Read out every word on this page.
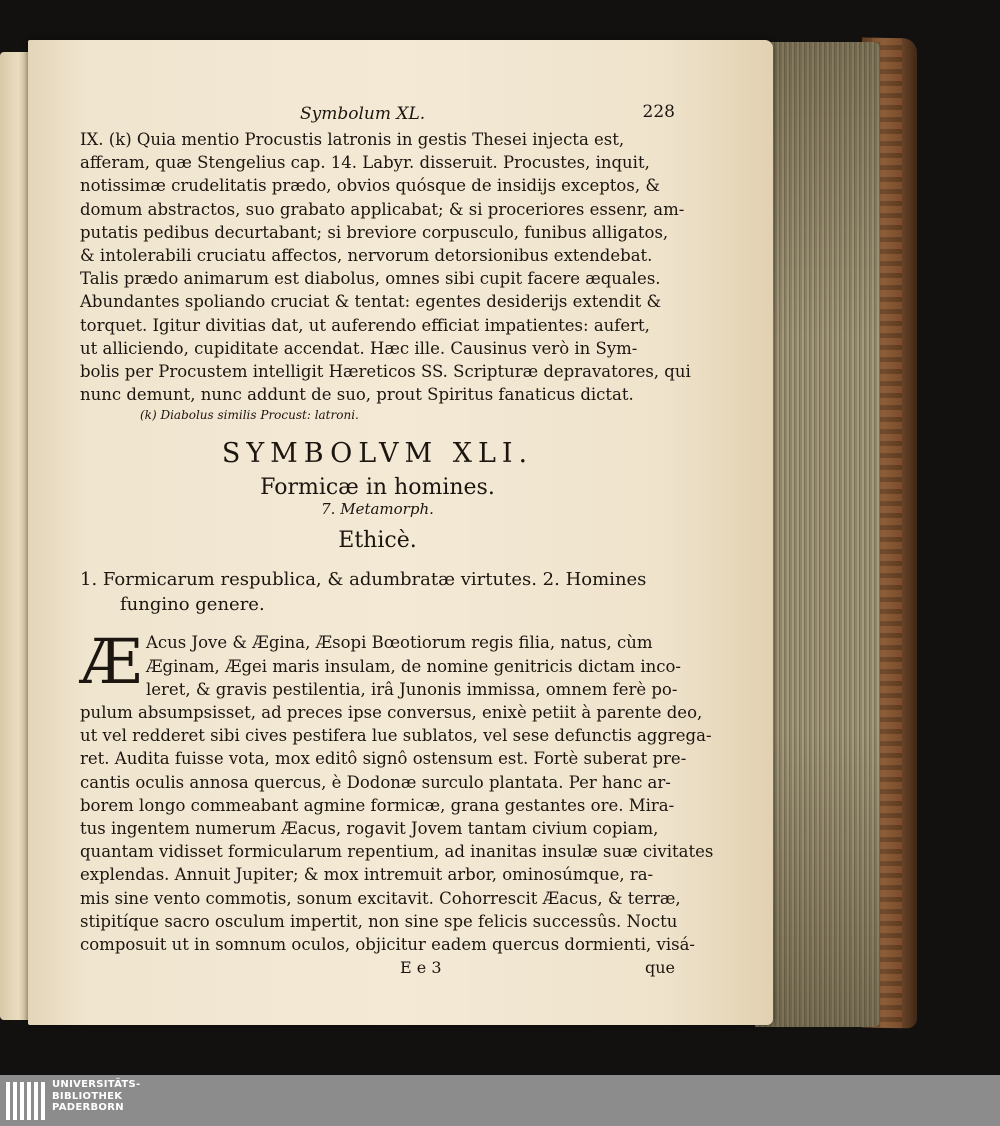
Symbolum XL.	228
IX. (k) Quia mentio Procustis latronis in gestis Thesei injecta est,
afferam, quæ Stengelius cap. 14. Labyr. disseruit. Procustes, inquit,
notissimæ crudelitatis prædo, obvios quósque de insidijs exceptos, &
domum abstractos, suo grabato applicabat; & si proceriores essenr, am-
putatis pedibus decurtabant; si breviore corpusculo, funibus alligatos,
& intolerabili cruciatu affectos, nervorum detorsionibus extendebat.
Talis prædo animarum est diabolus, omnes sibi cupit facere æquales.
Abundantes spoliando cruciat & tentat: egentes desiderijs extendit &
torquet. Igitur divitias dat, ut auferendo efficiat impatientes: aufert,
ut alliciendo, cupiditate accendat. Hæc ille. Causinus verò in Sym-
bolis per Procustem intelligit Hæreticos SS. Scripturæ depravatores, qui
nunc demunt, nunc addunt de suo, prout Spiritus fanaticus dictat.
(k) Diabolus similis Procust: latroni.
SYMBOLVM XLI.
Formicæ in homines.
7. Metamorph.
Ethicè.
1. Formicarum respublica, & adumbratæ virtutes. 2. Homines
fungino genere.
Æ Acus Jove & Ægina, Æsopi Bœotiorum regis filia, natus, cùm
Æginam, Ægei maris insulam, de nomine genitricis dictam inco-
leret, & gravis pestilentia, irâ Junonis immissa, omnem ferè po-
pulum absumpsisset, ad preces ipse conversus, enixè petiit à parente deo,
ut vel redderet sibi cives pestifera lue sublatos, vel sese defunctis aggrega-
ret. Audita fuisse vota, mox editô signô ostensum est. Fortè suberat pre-
cantis oculis annosa quercus, è Dodonæ surculo plantata. Per hanc ar-
borem longo commeabant agmine formicæ, grana gestantes ore. Mira-
tus ingentem numerum Æacus, rogavit Jovem tantam civium copiam,
quantam vidisset formicularum repentium, ad inanitas insulæ suæ civitates
explendas. Annuit Jupiter; & mox intremuit arbor, ominosúmque, ra-
mis sine vento commotis, sonum excitavit. Cohorrescit Æacus, & terræ,
stipitíque sacro osculum impertit, non sine spe felicis successûs. Noctu
composuit ut in somnum oculos, objicitur eadem quercus dormienti, visá-
E e 3	que
UNIVERSITÄTS-
BIBLIOTHEK
PADERBORN
